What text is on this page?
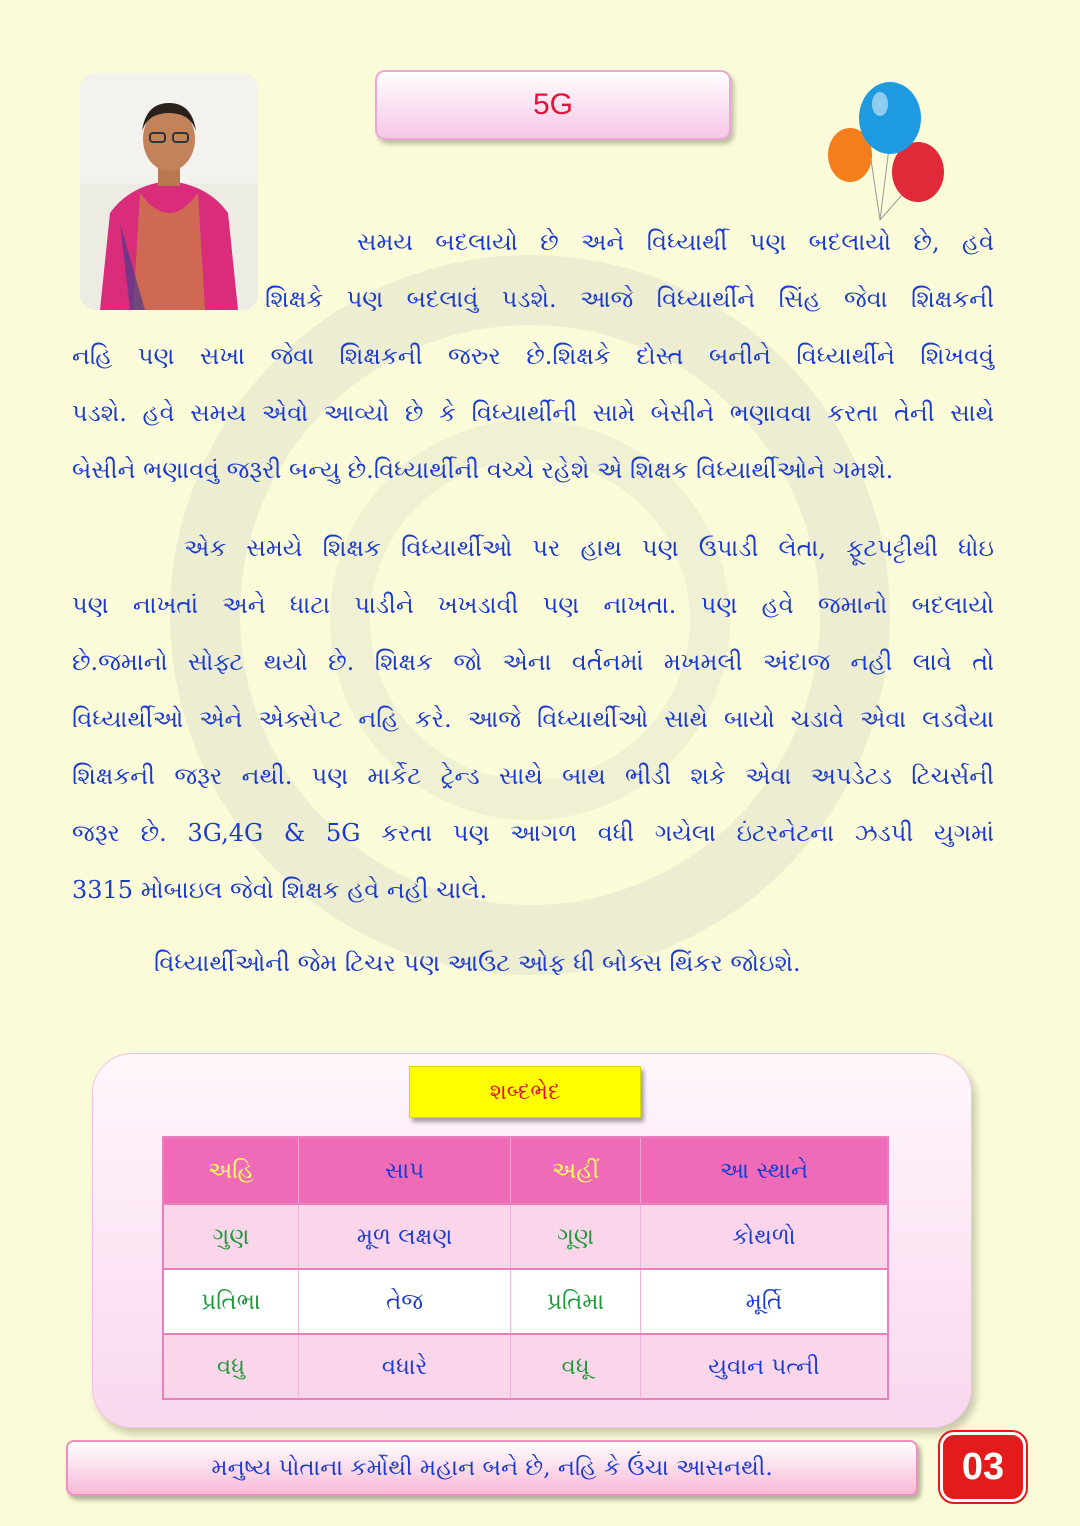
5G
સમય બદલાયો છે અને વિધ્યાર્થી પણ બદલાયો છે, હવે
શિક્ષકે પણ બદલાવું પડશે. આજે વિધ્યાર્થીને સિંહ જેવા શિક્ષકની
નહિ પણ સખા જેવા શિક્ષકની જરુર છે.શિક્ષકે દોસ્ત બનીને વિધ્યાર્થીને શિખવવું
પડશે. હવે સમય એવો આવ્યો છે કે વિધ્યાર્થીની સામે બેસીને ભણાવવા કરતા તેની સાથે
બેસીને ભણાવવું જરૂરી બન્યુ છે.વિધ્યાર્થીની વચ્ચે રહેશે એ શિક્ષક વિધ્યાર્થીઓને ગમશે.
એક સમયે શિક્ષક વિધ્યાર્થીઓ પર હાથ પણ ઉપાડી લેતા, ફૂટપટ્ટીથી ધોઇ
પણ નાખતાં અને ધાટા પાડીને ખખડાવી પણ નાખતા. પણ હવે જમાનો બદલાયો
છે.જમાનો સોફ્ટ થયો છે. શિક્ષક જો એના વર્તનમાં મખમલી અંદાજ નહી લાવે તો
વિધ્યાર્થીઓ એને એક્સેપ્ટ નહિ કરે. આજે વિધ્યાર્થીઓ સાથે બાયો ચડાવે એવા લડવૈયા
શિક્ષકની જરૂર નથી. પણ માર્કેટ ટ્રેન્ડ સાથે બાથ ભીડી શકે એવા અપડેટડ ટિચર્સની
જરૂર છે. 3G,4G & 5G કરતા પણ આગળ વધી ગયેલા ઇંટરનેટના ઝડપી યુગમાં
3315 મોબાઇલ જેવો શિક્ષક હવે નહી ચાલે.
વિધ્યાર્થીઓની જેમ ટિચર પણ આઉટ ઓફ ધી બોક્સ થિંકર જોઇશે.
શબ્દભેદ
અહિ	સાપ	અહીં	આ સ્થાને
ગુણ	મૂળ લક્ષણ	ગૂણ	કોથળો
પ્રતિભા	તેજ	પ્રતિમા	મૂર્તિ
વધુ	વધારે	વધૂ	યુવાન પત્ની
મનુષ્ય પોતાના કર્મોથી મહાન બને છે, નહિ કે ઉંચા આસનથી.	03
